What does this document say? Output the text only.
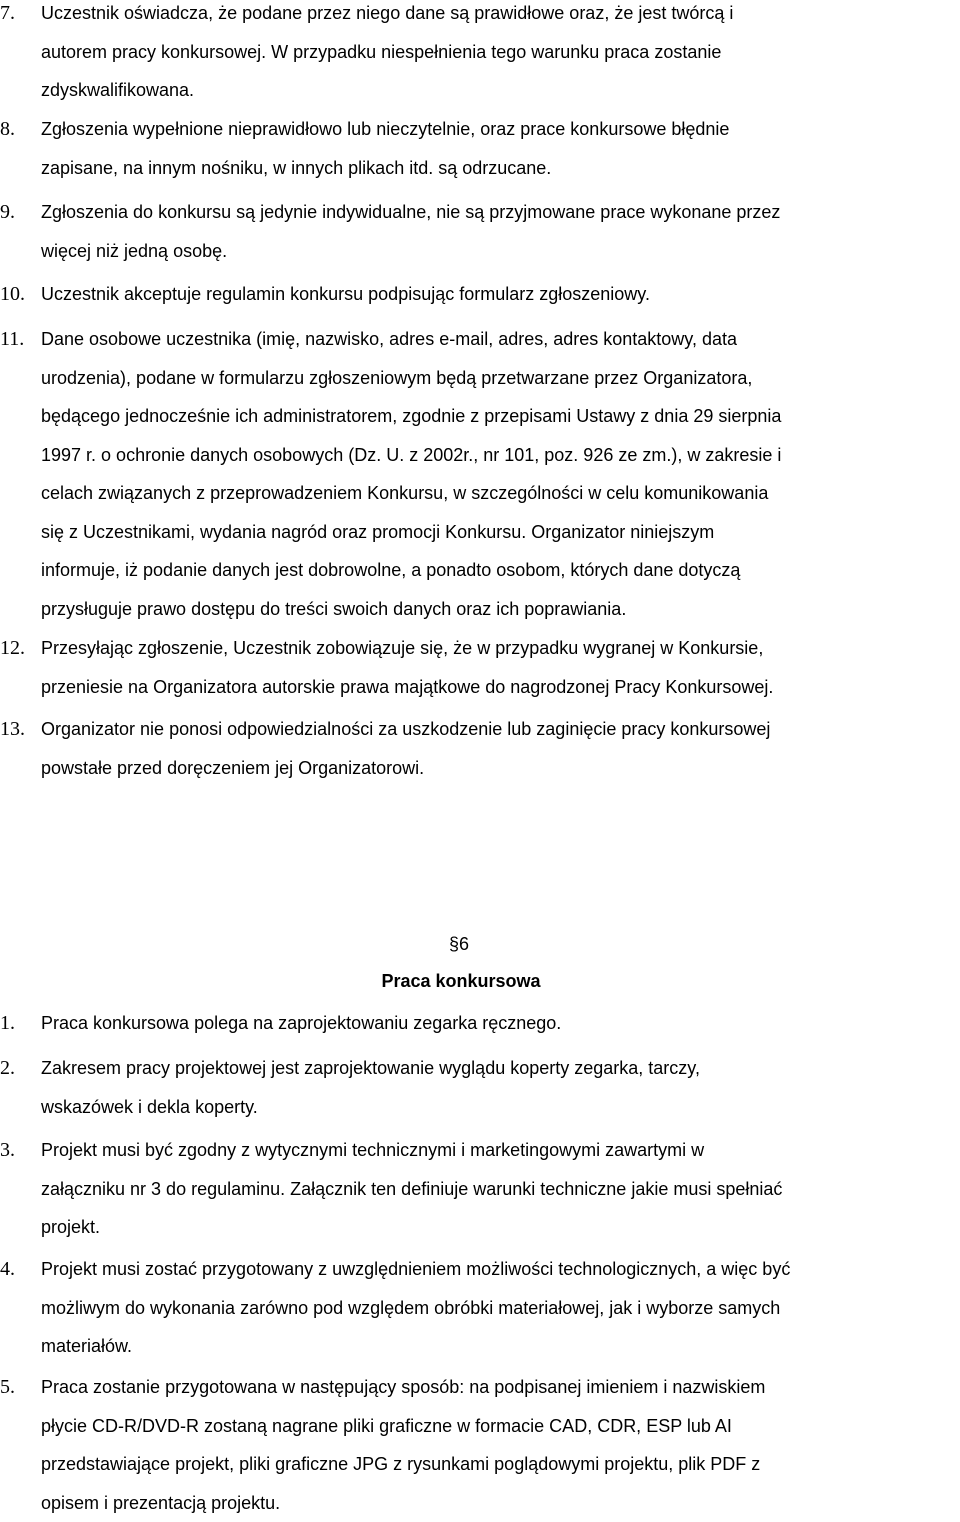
7. Uczestnik oświadcza, że podane przez niego dane są prawidłowe oraz, że jest twórcą i
autorem pracy konkursowej. W przypadku niespełnienia tego warunku praca zostanie
zdyskwalifikowana.
8. Zgłoszenia wypełnione nieprawidłowo lub nieczytelnie, oraz prace konkursowe błędnie
zapisane, na innym nośniku, w innych plikach itd. są odrzucane.
9. Zgłoszenia do konkursu są jedynie indywidualne, nie są przyjmowane prace wykonane przez
więcej niż jedną osobę.
10. Uczestnik akceptuje regulamin konkursu podpisując formularz zgłoszeniowy.
11. Dane osobowe uczestnika (imię, nazwisko, adres e-mail, adres, adres kontaktowy, data
urodzenia), podane w formularzu zgłoszeniowym będą przetwarzane przez Organizatora,
będącego jednocześnie ich administratorem, zgodnie z przepisami Ustawy z dnia 29 sierpnia
1997 r. o ochronie danych osobowych (Dz. U. z 2002r., nr 101, poz. 926 ze zm.), w zakresie i
celach związanych z przeprowadzeniem Konkursu, w szczególności w celu komunikowania
się z Uczestnikami, wydania nagród oraz promocji Konkursu. Organizator niniejszym
informuje, iż podanie danych jest dobrowolne, a ponadto osobom, których dane dotyczą
przysługuje prawo dostępu do treści swoich danych oraz ich poprawiania.
12. Przesyłając zgłoszenie, Uczestnik zobowiązuje się, że w przypadku wygranej w Konkursie,
przeniesie na Organizatora autorskie prawa majątkowe do nagrodzonej Pracy Konkursowej.
13. Organizator nie ponosi odpowiedzialności za uszkodzenie lub zaginięcie pracy konkursowej
powstałe przed doręczeniem jej Organizatorowi.
§6
Praca konkursowa
1. Praca konkursowa polega na zaprojektowaniu zegarka ręcznego.
2. Zakresem pracy projektowej jest zaprojektowanie wyglądu koperty zegarka, tarczy,
wskazówek i dekla koperty.
3. Projekt musi być zgodny z wytycznymi technicznymi i marketingowymi zawartymi w
załączniku nr 3 do regulaminu. Załącznik ten definiuje warunki techniczne jakie musi spełniać
projekt.
4. Projekt musi zostać przygotowany z uwzględnieniem możliwości technologicznych, a więc być
możliwym do wykonania zarówno pod względem obróbki materiałowej, jak i wyborze samych
materiałów.
5. Praca zostanie przygotowana w następujący sposób: na podpisanej imieniem i nazwiskiem
płycie CD-R/DVD-R zostaną nagrane pliki graficzne w formacie CAD, CDR, ESP lub AI
przedstawiające projekt, pliki graficzne JPG z rysunkami poglądowymi projektu, plik PDF z
opisem i prezentacją projektu.
